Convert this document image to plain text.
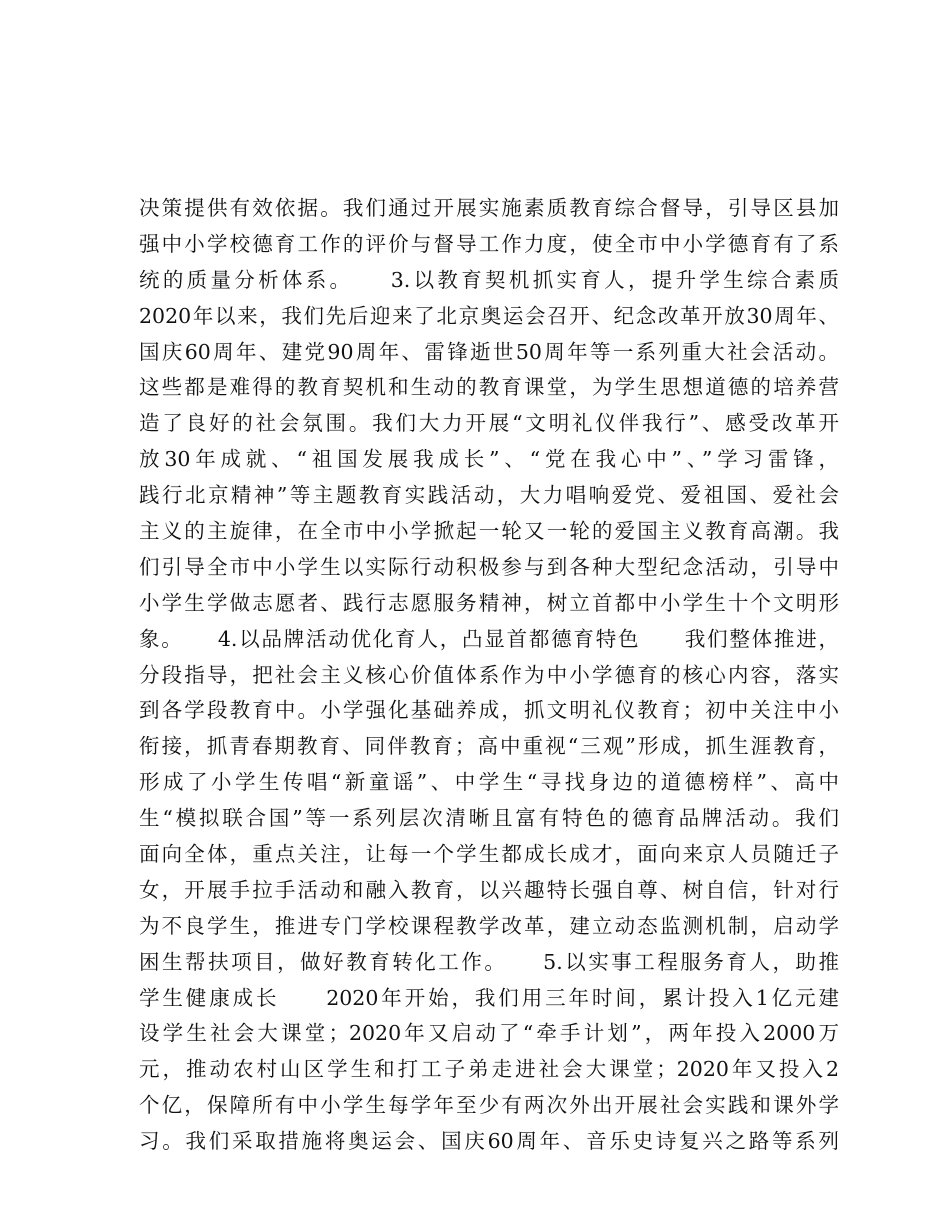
决策提供有效依据。我们通过开展实施素质教育综合督导，引导区县加
强中小学校德育工作的评价与督导工作力度，使全市中小学德育有了系
统的质量分析体系。　　3.以教育契机抓实育人，提升学生综合素质
2020年以来，我们先后迎来了北京奥运会召开、纪念改革开放30周年、
国庆60周年、建党90周年、雷锋逝世50周年等一系列重大社会活动。
这些都是难得的教育契机和生动的教育课堂，为学生思想道德的培养营
造了良好的社会氛围。我们大力开展“文明礼仪伴我行”、感受改革开
放30年成就、“祖国发展我成长”、“党在我心中”、”学习雷锋，
践行北京精神”等主题教育实践活动，大力唱响爱党、爱祖国、爱社会
主义的主旋律，在全市中小学掀起一轮又一轮的爱国主义教育高潮。我
们引导全市中小学生以实际行动积极参与到各种大型纪念活动，引导中
小学生学做志愿者、践行志愿服务精神，树立首都中小学生十个文明形
象。　　4.以品牌活动优化育人，凸显首都德育特色　　我们整体推进，
分段指导，把社会主义核心价值体系作为中小学德育的核心内容，落实
到各学段教育中。小学强化基础养成，抓文明礼仪教育；初中关注中小
衔接，抓青春期教育、同伴教育；高中重视“三观”形成，抓生涯教育，
形成了小学生传唱“新童谣”、中学生“寻找身边的道德榜样”、高中
生“模拟联合国”等一系列层次清晰且富有特色的德育品牌活动。我们
面向全体，重点关注，让每一个学生都成长成才，面向来京人员随迁子
女，开展手拉手活动和融入教育，以兴趣特长强自尊、树自信，针对行
为不良学生，推进专门学校课程教学改革，建立动态监测机制，启动学
困生帮扶项目，做好教育转化工作。　　5.以实事工程服务育人，助推
学生健康成长　　2020年开始，我们用三年时间，累计投入1亿元建
设学生社会大课堂；2020年又启动了“牵手计划”，两年投入2000万
元，推动农村山区学生和打工子弟走进社会大课堂；2020年又投入2
个亿，保障所有中小学生每学年至少有两次外出开展社会实践和课外学
习。我们采取措施将奥运会、国庆60周年、音乐史诗复兴之路等系列
